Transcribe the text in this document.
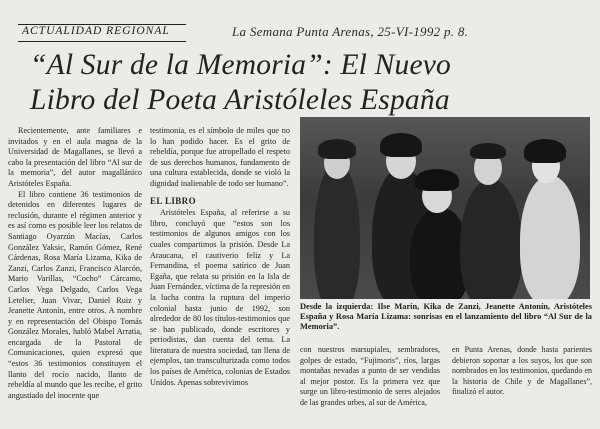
ACTUALIDAD REGIONAL	La Semana Punta Arenas, 25-VI-1992 p. 8.
“Al Sur de la Memoria”: El Nuevo
Libro del Poeta Aristóleles España

Recientemente, ante familiares e invitados y en el aula magna de la Universidad de Magallanes, se llevó a cabo la presentación del libro “Al sur de la memoria”, del autor magallánico Aristóteles España.

El libro contiene 36 testimonios de detenidos en diferentes lugares de reclusión, durante el régimen anterior y es así como es posible leer los relatos de Santiago Oyarzún Macías, Carlos González Yaksic, Ramón Gómez, René Cárdenas, Rosa María Lizama, Kika de Zanzi, Carlos Zanzi, Francisco Alarcón, Mario Varillas, “Cocho” Cárcamo, Carlos Vega Delgado, Carlos Vega Letelier, Juan Vivar, Daniel Ruiz y Jeanette Antonín, entre otros. A nombre y en representación del Obispo Tomás González Morales, habló Mabel Arratia, encargada de la Pastoral de Comunicaciones, quien expresó que “estos 36 testimonios constituyen el llanto del rocío nacido, llanto de rebeldía al mundo que les recibe, el grito angustiado del inocente que

testimonia, es el símbolo de miles que no lo han podido hacer. Es el grito de rebeldía, porque fue atropellado el respeto de sus derechos humanos, fundamento de una cultura establecida, donde se violó la dignidad inalienable de todo ser humano”.

EL LIBRO

Aristóteles España, al referirse a su libro, concluyó que “estos son los testimonios de algunos amigos con los cuales compartimos la prisión. Desde La Araucana, el cautiverio feliz y La Fernandina, el poema satírico de Juan Egaña, que relata su prisión en la Isla de Juan Fernández, víctima de la represión en la lucha contra la ruptura del imperio colonial hasta junio de 1992, son alrededor de 80 los títulos-testimonios que se han publicado, donde escritores y periodistas, dan cuenta del tema. La literatura de nuestra sociedad, tan llena de ejemplos, tan transculturizada como todos los países de América, colonias de Estados Unidos. Apenas sobrevivimos

Desde la izquierda: Ilse Marín, Kika de Zanzi, Jeanette Antonín, Aristóteles España y Rosa María Lizama: sonrisas en el lanzamiento del libro “Al Sur de la Memoria”.

con nuestros marsupiales, sembradores, golpes de estado, “Fujimoris”, ríos, largas montañas nevadas a punto de ser vendidas al mejor postor. Es la primera vez que surge un libro-testimonio de seres alejados de las grandes urbes, al sur de América,

en Punta Arenas, donde hasta parientes debieron soportar a los suyos, los que son nombrados en los testimonios, quedando en la historia de Chile y de Magallanes”, finalizó el autor.
